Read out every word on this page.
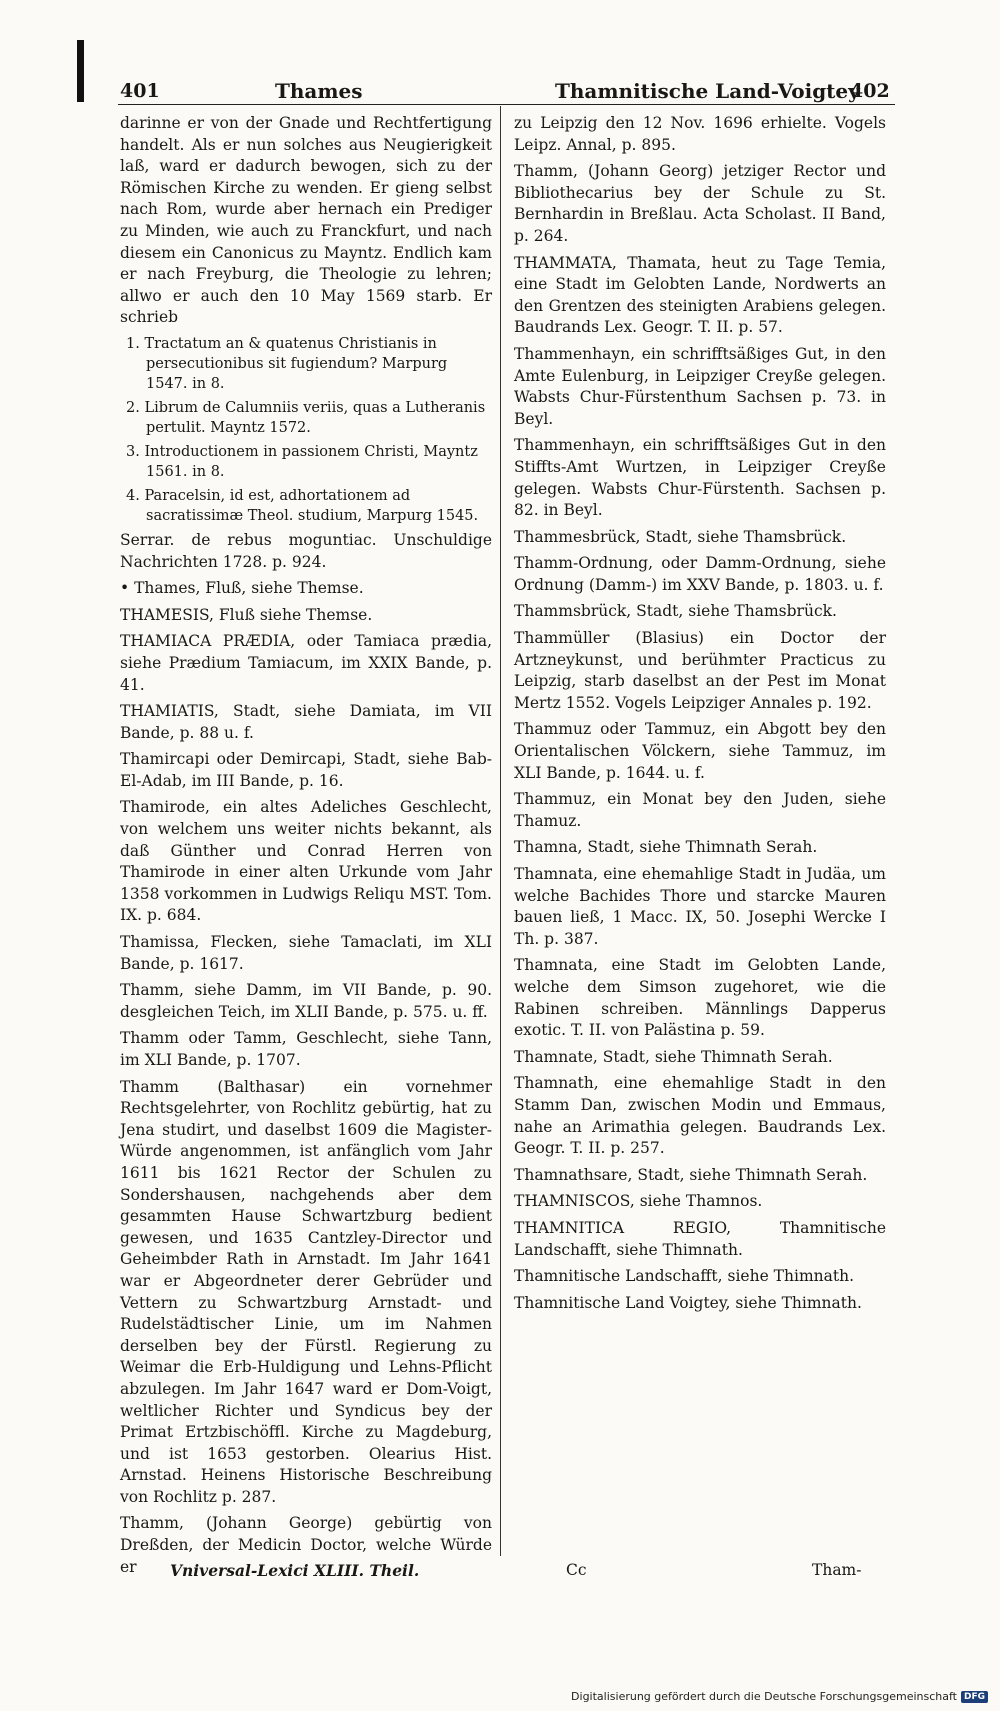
401	Thames	Thamnitische Land-Voigtey
402

darinne er von der Gnade und Rechtfertigung handelt. Als er nun solches aus Neugierigkeit laß, ward er dadurch bewogen, sich zu der Römischen Kirche zu wenden. Er gieng selbst nach Rom, wurde aber hernach ein Prediger zu Minden, wie auch zu Franckfurt, und nach diesem ein Canonicus zu Mayntz. Endlich kam er nach Freyburg, die Theologie zu lehren; allwo er auch den 10 May 1569 starb. Er schrieb

1. Tractatum an & quatenus Christianis in persecutionibus sit fugiendum? Marpurg 1547. in 8.

2. Librum de Calumniis veriis, quas a Lutheranis pertulit. Mayntz 1572.

3. Introductionem in passionem Christi, Mayntz 1561. in 8.

4. Paracelsin, id est, adhortationem ad sacratissimæ Theol. studium, Marpurg 1545.

Serrar. de rebus moguntiac. Unschuldige Nachrichten 1728. p. 924.

• Thames, Fluß, siehe Themse.

THAMESIS, Fluß siehe Themse.

THAMIACA PRÆDIA, oder Tamiaca prædia, siehe Prædium Tamiacum, im XXIX Bande, p. 41.

THAMIATIS, Stadt, siehe Damiata, im VII Bande, p. 88 u. f.

Thamircapi oder Demircapi, Stadt, siehe Bab-El-Adab, im III Bande, p. 16.

Thamirode, ein altes Adeliches Geschlecht, von welchem uns weiter nichts bekannt, als daß Günther und Conrad Herren von Thamirode in einer alten Urkunde vom Jahr 1358 vorkommen in Ludwigs Reliqu MST. Tom. IX. p. 684.

Thamissa, Flecken, siehe Tamaclati, im XLI Bande, p. 1617.

Thamm, siehe Damm, im VII Bande, p. 90. desgleichen Teich, im XLII Bande, p. 575. u. ff.

Thamm oder Tamm, Geschlecht, siehe Tann, im XLI Bande, p. 1707.

Thamm (Balthasar) ein vornehmer Rechtsgelehrter, von Rochlitz gebürtig, hat zu Jena studirt, und daselbst 1609 die Magister-Würde angenommen, ist anfänglich vom Jahr 1611 bis 1621 Rector der Schulen zu Sondershausen, nachgehends aber dem gesammten Hause Schwartzburg bedient gewesen, und 1635 Cantzley-Director und Geheimbder Rath in Arnstadt. Im Jahr 1641 war er Abgeordneter derer Gebrüder und Vettern zu Schwartzburg Arnstadt- und Rudelstädtischer Linie, um im Nahmen derselben bey der Fürstl. Regierung zu Weimar die Erb-Huldigung und Lehns-Pflicht abzulegen. Im Jahr 1647 ward er Dom-Voigt, weltlicher Richter und Syndicus bey der Primat Ertzbischöffl. Kirche zu Magdeburg, und ist 1653 gestorben. Olearius Hist. Arnstad. Heinens Historische Beschreibung von Rochlitz p. 287.

Thamm, (Johann George) gebürtig von Dreßden, der Medicin Doctor, welche Würde er

zu Leipzig den 12 Nov. 1696 erhielte. Vogels Leipz. Annal, p. 895.

Thamm, (Johann Georg) jetziger Rector und Bibliothecarius bey der Schule zu St. Bernhardin in Breßlau. Acta Scholast. II Band, p. 264.

THAMMATA, Thamata, heut zu Tage Temia, eine Stadt im Gelobten Lande, Nordwerts an den Grentzen des steinigten Arabiens gelegen. Baudrands Lex. Geogr. T. II. p. 57.

Thammenhayn, ein schrifftsäßiges Gut, in den Amte Eulenburg, in Leipziger Creyße gelegen. Wabsts Chur-Fürstenthum Sachsen p. 73. in Beyl.

Thammenhayn, ein schrifftsäßiges Gut in den Stiffts-Amt Wurtzen, in Leipziger Creyße gelegen. Wabsts Chur-Fürstenth. Sachsen p. 82. in Beyl.

Thammesbrück, Stadt, siehe Thamsbrück.

Thamm-Ordnung, oder Damm-Ordnung, siehe Ordnung (Damm-) im XXV Bande, p. 1803. u. f.

Thammsbrück, Stadt, siehe Thamsbrück.

Thammüller (Blasius) ein Doctor der Artzneykunst, und berühmter Practicus zu Leipzig, starb daselbst an der Pest im Monat Mertz 1552. Vogels Leipziger Annales p. 192.

Thammuz oder Tammuz, ein Abgott bey den Orientalischen Völckern, siehe Tammuz, im XLI Bande, p. 1644. u. f.

Thammuz, ein Monat bey den Juden, siehe Thamuz.

Thamna, Stadt, siehe Thimnath Serah.

Thamnata, eine ehemahlige Stadt in Judäa, um welche Bachides Thore und starcke Mauren bauen ließ, 1 Macc. IX, 50. Josephi Wercke I Th. p. 387.

Thamnata, eine Stadt im Gelobten Lande, welche dem Simson zugehoret, wie die Rabinen schreiben. Männlings Dapperus exotic. T. II. von Palästina p. 59.

Thamnate, Stadt, siehe Thimnath Serah.

Thamnath, eine ehemahlige Stadt in den Stamm Dan, zwischen Modin und Emmaus, nahe an Arimathia gelegen. Baudrands Lex. Geogr. T. II. p. 257.

Thamnathsare, Stadt, siehe Thimnath Serah.

THAMNISCOS, siehe Thamnos.

THAMNITICA REGIO, Thamnitische Landschafft, siehe Thimnath.

Thamnitische Landschafft, siehe Thimnath.

Thamnitische Land Voigtey, siehe Thimnath.

Vniversal-Lexici XLIII. Theil.	Cc	Tham-
Digitalisierung gefördert durch die Deutsche Forschungsgemeinschaft DFG
